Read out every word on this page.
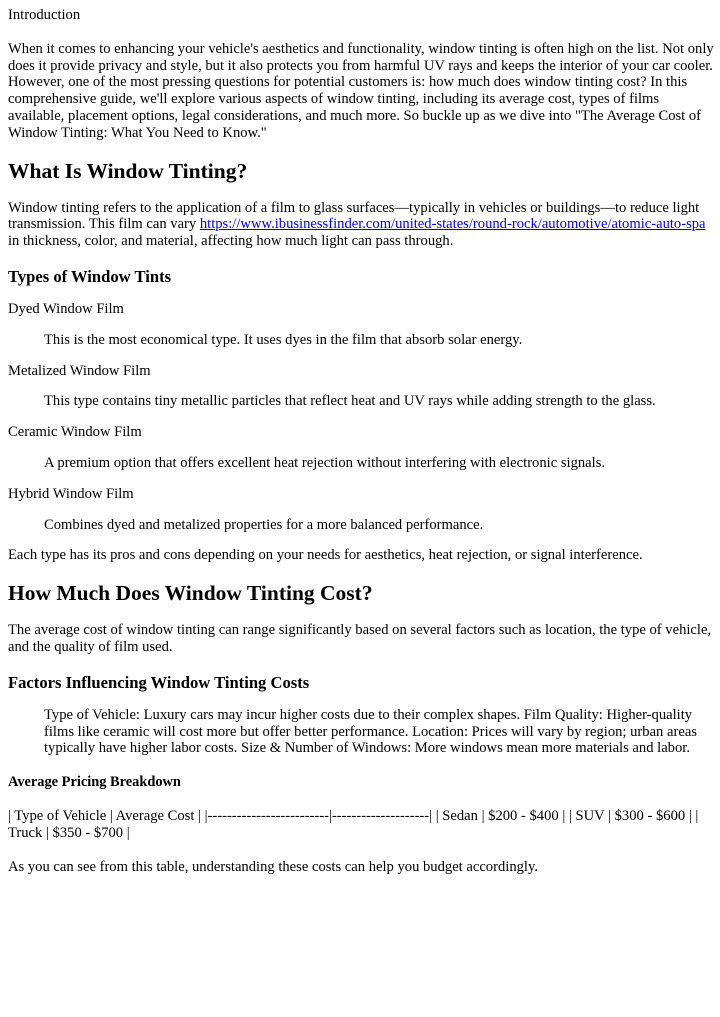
Introduction

When it comes to enhancing your vehicle's aesthetics and functionality, window tinting is often high on the list. Not only does it provide privacy and style, but it also protects you from harmful UV rays and keeps the interior of your car cooler. However, one of the most pressing questions for potential customers is: how much does window tinting cost? In this comprehensive guide, we'll explore various aspects of window tinting, including its average cost, types of films available, placement options, legal considerations, and much more. So buckle up as we dive into "The Average Cost of Window Tinting: What You Need to Know."

What Is Window Tinting?

Window tinting refers to the application of a film to glass surfaces—typically in vehicles or buildings—to reduce light transmission. This film can vary https://www.ibusinessfinder.com/united-states/round-rock/automotive/atomic-auto-spa in thickness, color, and material, affecting how much light can pass through.

Types of Window Tints

Dyed Window Film

This is the most economical type. It uses dyes in the film that absorb solar energy.

Metalized Window Film

This type contains tiny metallic particles that reflect heat and UV rays while adding strength to the glass.

Ceramic Window Film

A premium option that offers excellent heat rejection without interfering with electronic signals.

Hybrid Window Film

Combines dyed and metalized properties for a more balanced performance.

Each type has its pros and cons depending on your needs for aesthetics, heat rejection, or signal interference.

How Much Does Window Tinting Cost?

The average cost of window tinting can range significantly based on several factors such as location, the type of vehicle, and the quality of film used.

Factors Influencing Window Tinting Costs

Type of Vehicle: Luxury cars may incur higher costs due to their complex shapes. Film Quality: Higher-quality films like ceramic will cost more but offer better performance. Location: Prices will vary by region; urban areas typically have higher labor costs. Size & Number of Windows: More windows mean more materials and labor.

Average Pricing Breakdown

| Type of Vehicle | Average Cost | |-------------------------|--------------------| | Sedan | $200 - $400 | | SUV | $300 - $600 | | Truck | $350 - $700 |

As you can see from this table, understanding these costs can help you budget accordingly.
